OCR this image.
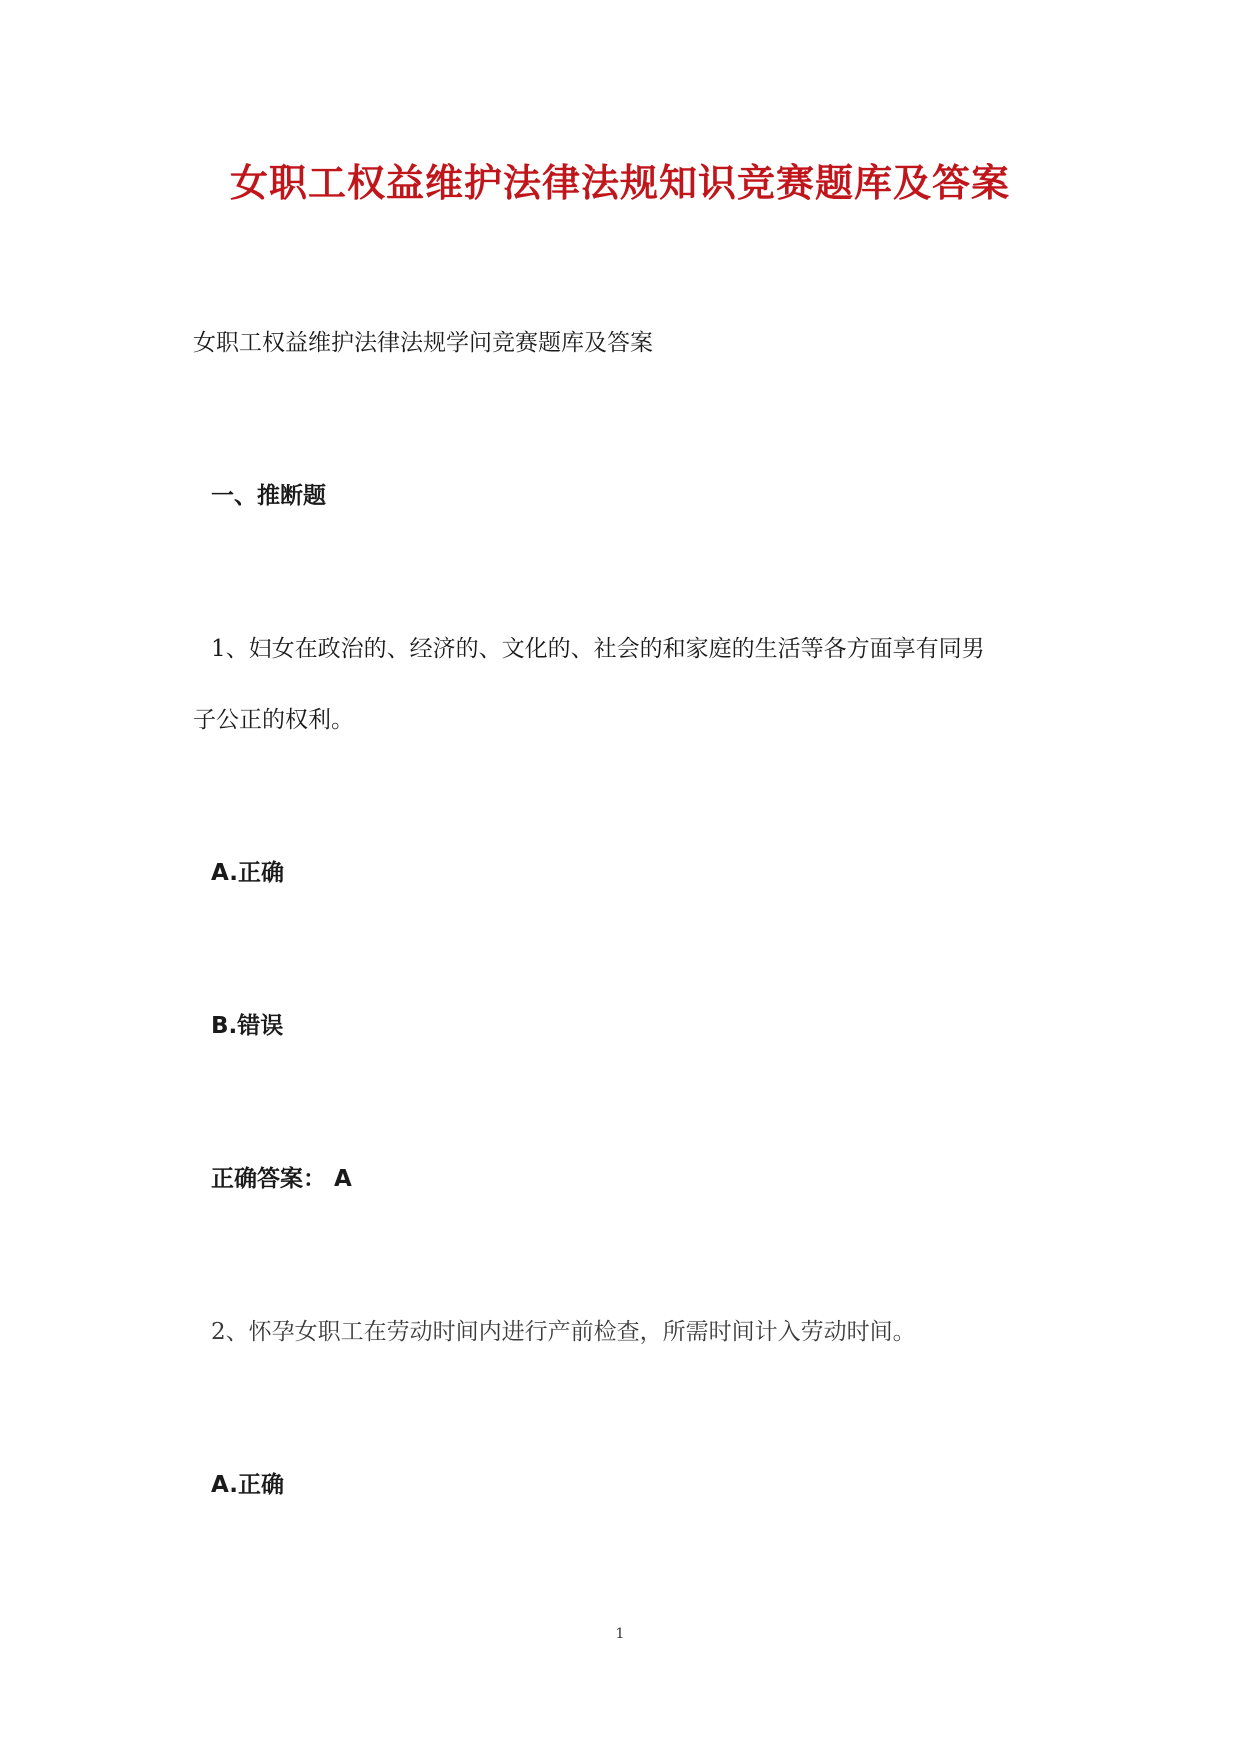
女职工权益维护法律法规知识竞赛题库及答案
女职工权益维护法律法规学问竞赛题库及答案
一、推断题
1、妇女在政治的、经济的、文化的、社会的和家庭的生活等各方面享有同男
子公正的权利。
A.正确
B.错误
正确答案： A
2、怀孕女职工在劳动时间内进行产前检查，所需时间计入劳动时间。
A.正确
1
